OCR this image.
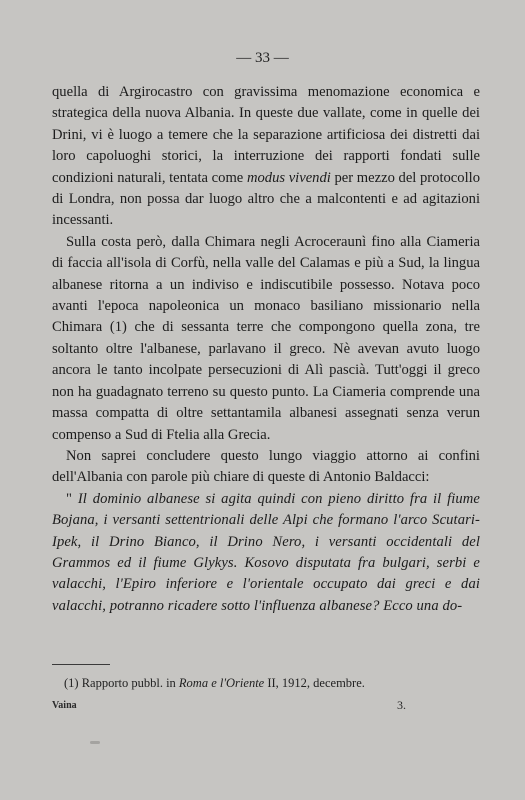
— 33 —

quella di Argirocastro con gravissima menomazione economica e strategica della nuova Albania. In queste due vallate, come in quelle dei Drini, vi è luogo a temere che la separazione artificiosa dei distretti dai loro capoluoghi storici, la interruzione dei rapporti fondati sulle condizioni naturali, tentata come modus vivendi per mezzo del protocollo di Londra, non possa dar luogo altro che a malcontenti e ad agitazioni incessanti.

Sulla costa però, dalla Chimara negli Acroceraunì fino alla Ciameria di faccia all'isola di Corfù, nella valle del Calamas e più a Sud, la lingua albanese ritorna a un indiviso e indiscutibile possesso. Notava poco avanti l'epoca napoleonica un monaco basiliano missionario nella Chimara (1) che di sessanta terre che compongono quella zona, tre soltanto oltre l'albanese, parlavano il greco. Nè avevan avuto luogo ancora le tanto incolpate persecuzioni di Alì pascià. Tutt'oggi il greco non ha guadagnato terreno su questo punto. La Ciameria comprende una massa compatta di oltre settantamila albanesi assegnati senza verun compenso a Sud di Ftelia alla Grecia.

Non saprei concludere questo lungo viaggio attorno ai confini dell'Albania con parole più chiare di queste di Antonio Baldacci:

" Il dominio albanese si agita quindi con pieno diritto fra il fiume Bojana, i versanti settentrionali delle Alpi che formano l'arco Scutari-Ipek, il Drino Bianco, il Drino Nero, i versanti occidentali del Grammos ed il fiume Glykys. Kosovo disputata fra bulgari, serbi e valacchi, l'Epiro inferiore e l'orientale occupato dai greci e dai valacchi, potranno ricadere sotto l'influenza albanese? Ecco una do-

(1) Rapporto pubbl. in Roma e l'Oriente II, 1912, decembre.
Vaina	3.
